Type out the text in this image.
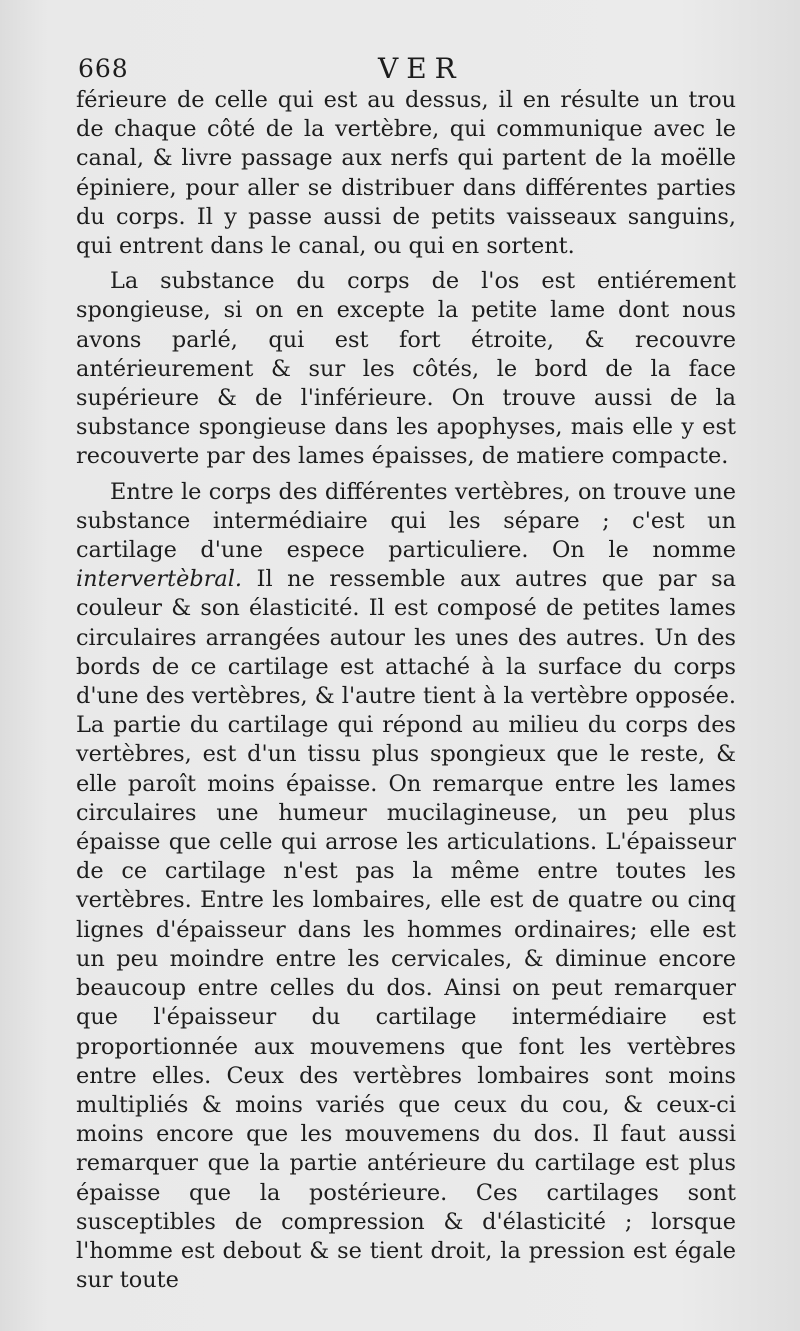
668	VER

férieure de celle qui est au dessus, il en résulte un trou de chaque côté de la vertèbre, qui communique avec le canal, & livre passage aux nerfs qui partent de la moëlle épiniere, pour aller se distribuer dans différentes parties du corps. Il y passe aussi de petits vaisseaux sanguins, qui entrent dans le canal, ou qui en sortent.

La substance du corps de l'os est entiérement spongieuse, si on en excepte la petite lame dont nous avons parlé, qui est fort étroite, & recouvre antérieurement & sur les côtés, le bord de la face supérieure & de l'inférieure. On trouve aussi de la substance spongieuse dans les apophyses, mais elle y est recouverte par des lames épaisses, de matiere compacte.

Entre le corps des différentes vertèbres, on trouve une substance intermédiaire qui les sépare ; c'est un cartilage d'une espece particuliere. On le nomme intervertèbral. Il ne ressemble aux autres que par sa couleur & son élasticité. Il est composé de petites lames circulaires arrangées autour les unes des autres. Un des bords de ce cartilage est attaché à la surface du corps d'une des vertèbres, & l'autre tient à la vertèbre opposée. La partie du cartilage qui répond au milieu du corps des vertèbres, est d'un tissu plus spongieux que le reste, & elle paroît moins épaisse. On remarque entre les lames circulaires une humeur mucilagineuse, un peu plus épaisse que celle qui arrose les articulations. L'épaisseur de ce cartilage n'est pas la même entre toutes les vertèbres. Entre les lombaires, elle est de quatre ou cinq lignes d'épaisseur dans les hommes ordinaires; elle est un peu moindre entre les cervicales, & diminue encore beaucoup entre celles du dos. Ainsi on peut remarquer que l'épaisseur du cartilage intermédiaire est proportionnée aux mouvemens que font les vertèbres entre elles. Ceux des vertèbres lombaires sont moins multipliés & moins variés que ceux du cou, & ceux-ci moins encore que les mouvemens du dos. Il faut aussi remarquer que la partie antérieure du cartilage est plus épaisse que la postérieure. Ces cartilages sont susceptibles de compression & d'élasticité ; lorsque l'homme est debout & se tient droit, la pression est égale sur toute
